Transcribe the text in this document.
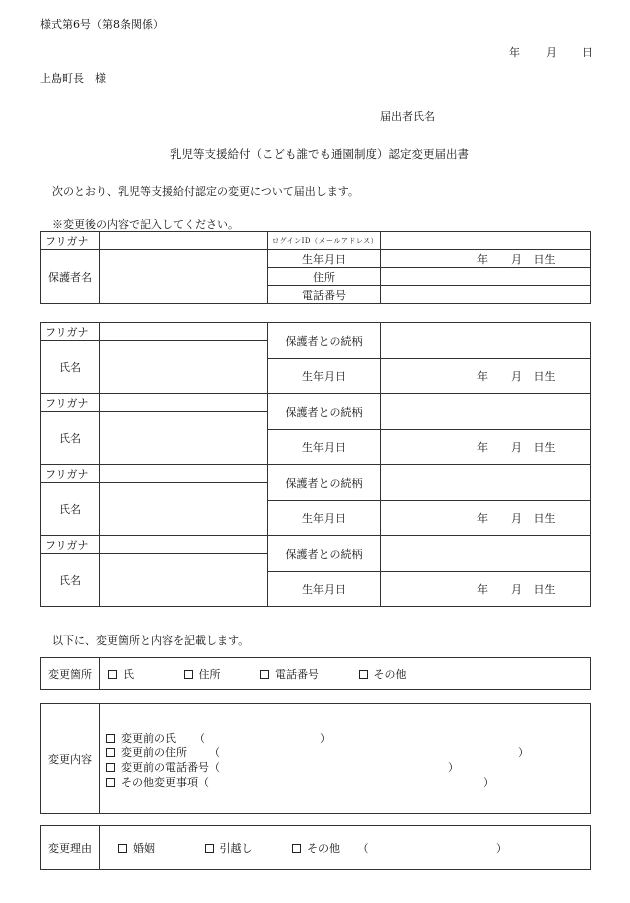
様式第6号（第8条関係）
年 月 日
上島町長　様
届出者氏名
乳児等支援給付（こども誰でも通園制度）認定変更届出書
次のとおり、乳児等支援給付認定の変更について届出します。
※変更後の内容で記入してください。
フリガナ		ログインID（メールアドレス）	
保護者名		生年月日	年 月 日生
		住所	
		電話番号	
フリガナ		保護者との続柄	
氏名			
		生年月日	年 月 日生
フリガナ		保護者との続柄	
氏名			
		生年月日	年 月 日生
フリガナ		保護者との続柄	
氏名			
		生年月日	年 月 日生
フリガナ		保護者との続柄	
氏名			
		生年月日	年 月 日生
以下に、変更箇所と内容を記載します。
変更箇所	氏	住所	電話番号	その他
変更内容	
変更前の氏 （	）
変更前の住所 （	）
変更前の電話番号（	）
その他変更事項（	）
変更理由	婚姻	引越し	その他 （	）
